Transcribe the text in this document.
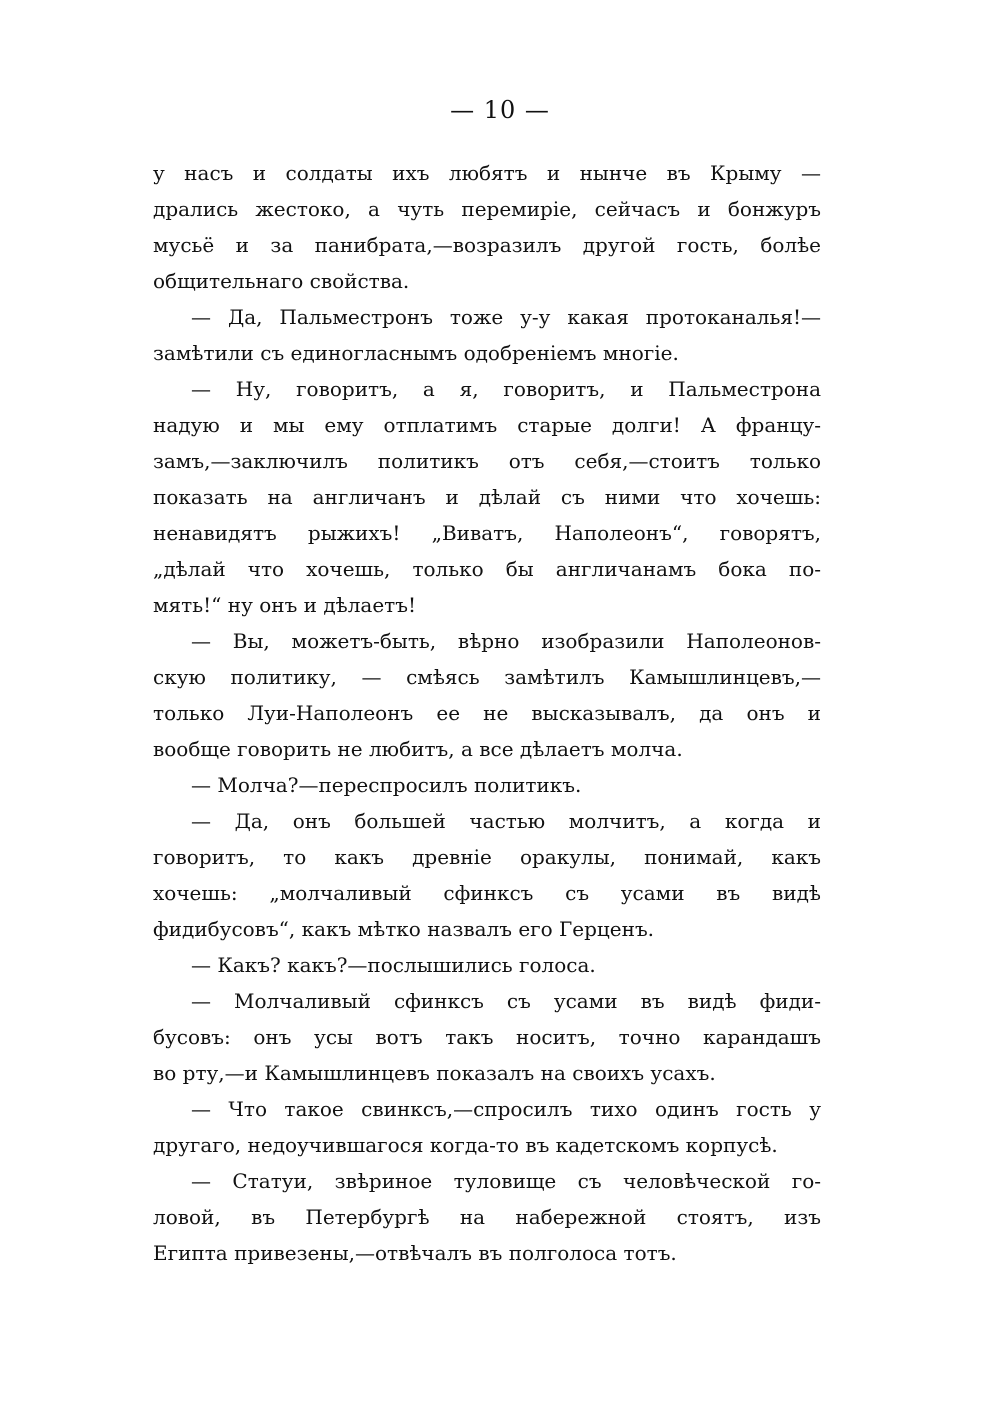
— 10 —
у насъ и солдаты ихъ любятъ и нынче въ Крыму —
дрались жестоко, а чуть перемиріе, сейчасъ и бонжуръ
мусьё и за панибрата,—возразилъ другой гость, болѣе
общительнаго свойства.
— Да, Пальместронъ тоже у-у какая протоканалья!—
замѣтили съ единогласнымъ одобреніемъ многіе.
— Ну, говоритъ, а я, говоритъ, и Пальместрона
надую и мы ему отплатимъ старые долги! А францу-
замъ,—заключилъ политикъ отъ себя,—стоитъ только
показать на англичанъ и дѣлай съ ними что хочешь:
ненавидятъ рыжихъ! „Виватъ, Наполеонъ“, говорятъ,
„дѣлай что хочешь, только бы англичанамъ бока по-
мять!“ ну онъ и дѣлаетъ!
— Вы, можетъ-быть, вѣрно изобразили Наполеонов-
скую политику, — смѣясь замѣтилъ Камышлинцевъ,—
только Луи-Наполеонъ ее не высказывалъ, да онъ и
вообще говорить не любитъ, а все дѣлаетъ молча.
— Молча?—переспросилъ политикъ.
— Да, онъ большей частью молчитъ, а когда и
говоритъ, то какъ древніе оракулы, понимай, какъ
хочешь: „молчаливый сфинксъ съ усами въ видѣ
фидибусовъ“, какъ мѣтко назвалъ его Герценъ.
— Какъ? какъ?—послышились голоса.
— Молчаливый сфинксъ съ усами въ видѣ фиди-
бусовъ: онъ усы вотъ такъ носитъ, точно карандашъ
во рту,—и Камышлинцевъ показалъ на своихъ усахъ.
— Что такое свинксъ,—спросилъ тихо одинъ гость у
другаго, недоучившагося когда-то въ кадетскомъ корпусѣ.
— Статуи, звѣриное туловище съ человѣческой го-
ловой, въ Петербургѣ на набережной стоятъ, изъ
Египта привезены,—отвѣчалъ въ полголоса тотъ.
